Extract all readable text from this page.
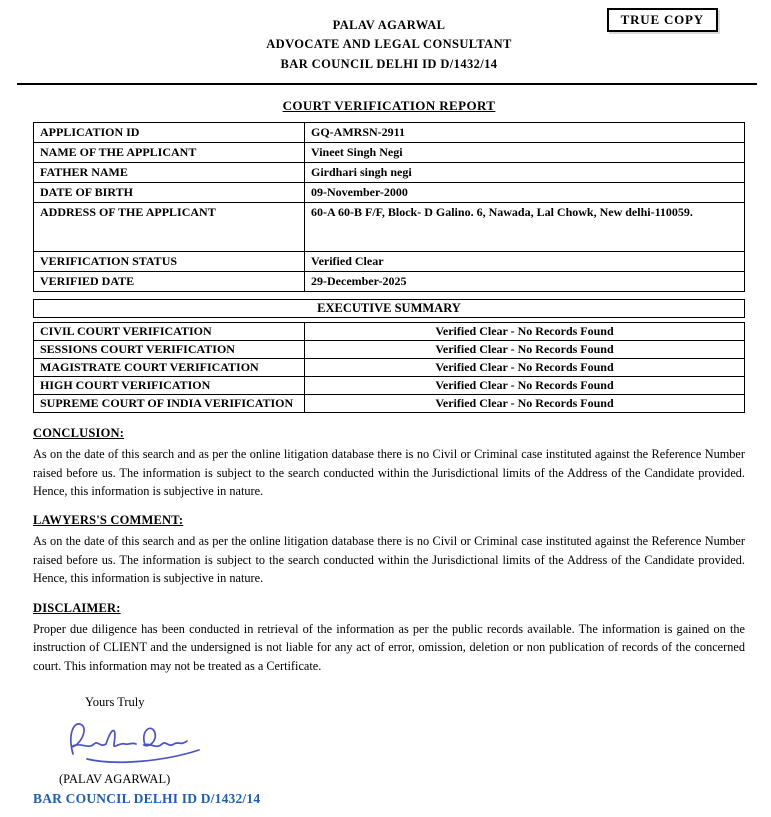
TRUE COPY
PALAV AGARWAL
ADVOCATE AND LEGAL CONSULTANT
BAR COUNCIL DELHI ID D/1432/14
COURT VERIFICATION REPORT
APPLICATION ID	GQ-AMRSN-2911
NAME OF THE APPLICANT	Vineet Singh Negi
FATHER NAME	Girdhari singh negi
DATE OF BIRTH	09-November-2000
ADDRESS OF THE APPLICANT	60-A 60-B F/F, Block- D Galino. 6, Nawada, Lal Chowk, New delhi-110059.
VERIFICATION STATUS	Verified Clear
VERIFIED DATE	29-December-2025
EXECUTIVE SUMMARY
CIVIL COURT VERIFICATION	Verified Clear - No Records Found
SESSIONS COURT VERIFICATION	Verified Clear - No Records Found
MAGISTRATE COURT VERIFICATION	Verified Clear - No Records Found
HIGH COURT VERIFICATION	Verified Clear - No Records Found
SUPREME COURT OF INDIA VERIFICATION	Verified Clear - No Records Found
CONCLUSION:
As on the date of this search and as per the online litigation database there is no Civil or Criminal case instituted against the Reference Number raised before us. The information is subject to the search conducted within the Jurisdictional limits of the Address of the Candidate provided. Hence, this information is subjective in nature.
LAWYERS'S COMMENT:
As on the date of this search and as per the online litigation database there is no Civil or Criminal case instituted against the Reference Number raised before us. The information is subject to the search conducted within the Jurisdictional limits of the Address of the Candidate provided. Hence, this information is subjective in nature.
DISCLAIMER:
Proper due diligence has been conducted in retrieval of the information as per the public records available. The information is gained on the instruction of CLIENT and the undersigned is not liable for any act of error, omission, deletion or non publication of records of the concerned court. This information may not be treated as a Certificate.
Yours Truly
(PALAV AGARWAL)
BAR COUNCIL DELHI ID D/1432/14
